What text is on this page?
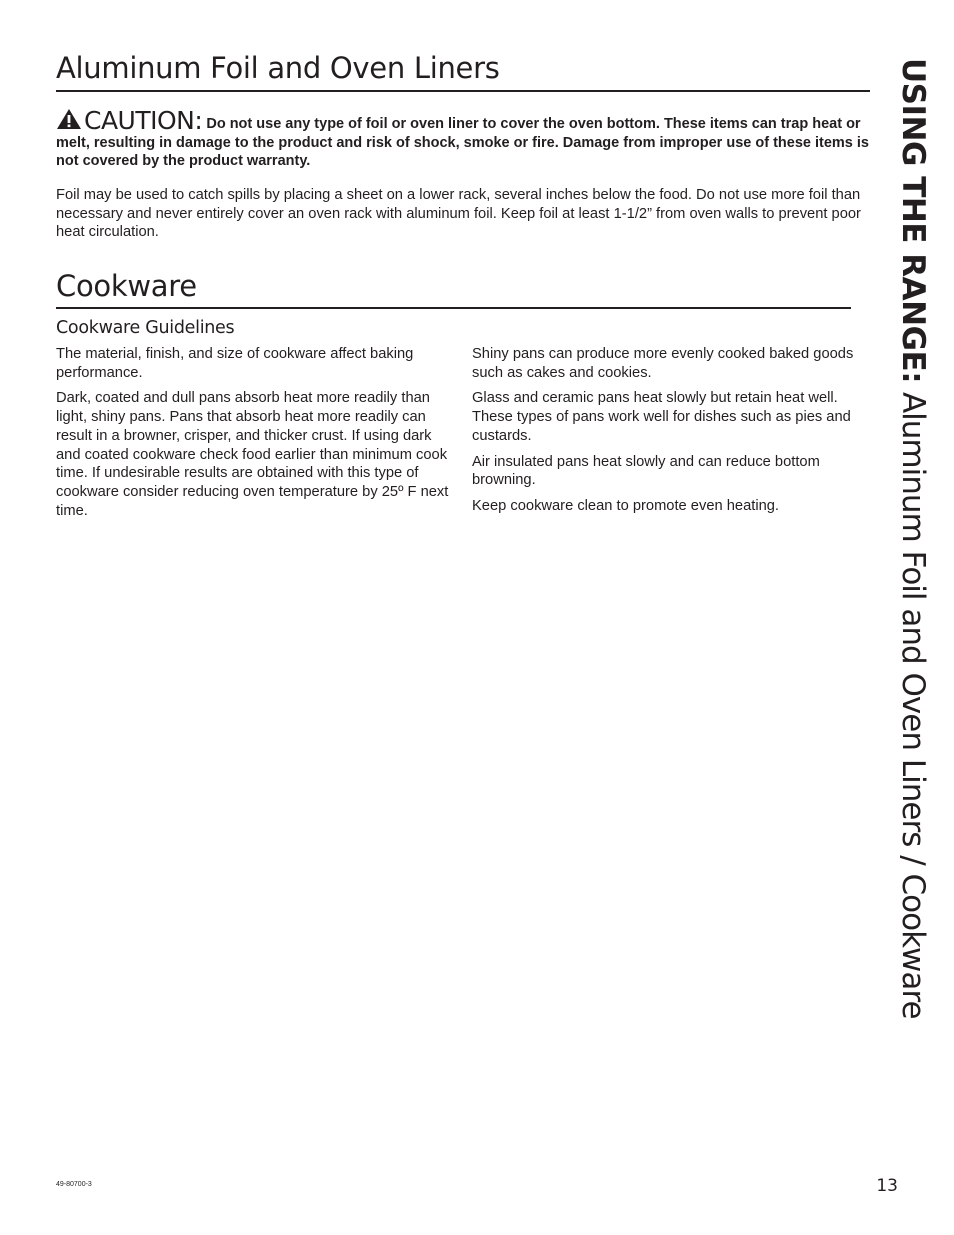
Aluminum Foil and Oven Liners
CAUTION: Do not use any type of foil or oven liner to cover the oven bottom. These items can trap heat or melt, resulting in damage to the product and risk of shock, smoke or fire. Damage from improper use of these items is not covered by the product warranty.

Foil may be used to catch spills by placing a sheet on a lower rack, several inches below the food. Do not use more foil than necessary and never entirely cover an oven rack with aluminum foil. Keep foil at least 1-1/2” from oven walls to prevent poor heat circulation.

Cookware
Cookware Guidelines

The material, finish, and size of cookware affect baking performance.

Dark, coated and dull pans absorb heat more readily than light, shiny pans. Pans that absorb heat more readily can result in a browner, crisper, and thicker crust. If using dark and coated cookware check food earlier than minimum cook time. If undesirable results are obtained with this type of cookware consider reducing oven temperature by 25º F next time.

Shiny pans can produce more evenly cooked baked goods such as cakes and cookies.

Glass and ceramic pans heat slowly but retain heat well. These types of pans work well for dishes such as pies and custards.

Air insulated pans heat slowly and can reduce bottom browning.

Keep cookware clean to promote even heating.

USING THE RANGE: Aluminum Foil and Oven Liners / Cookware
49-80700-3	13
